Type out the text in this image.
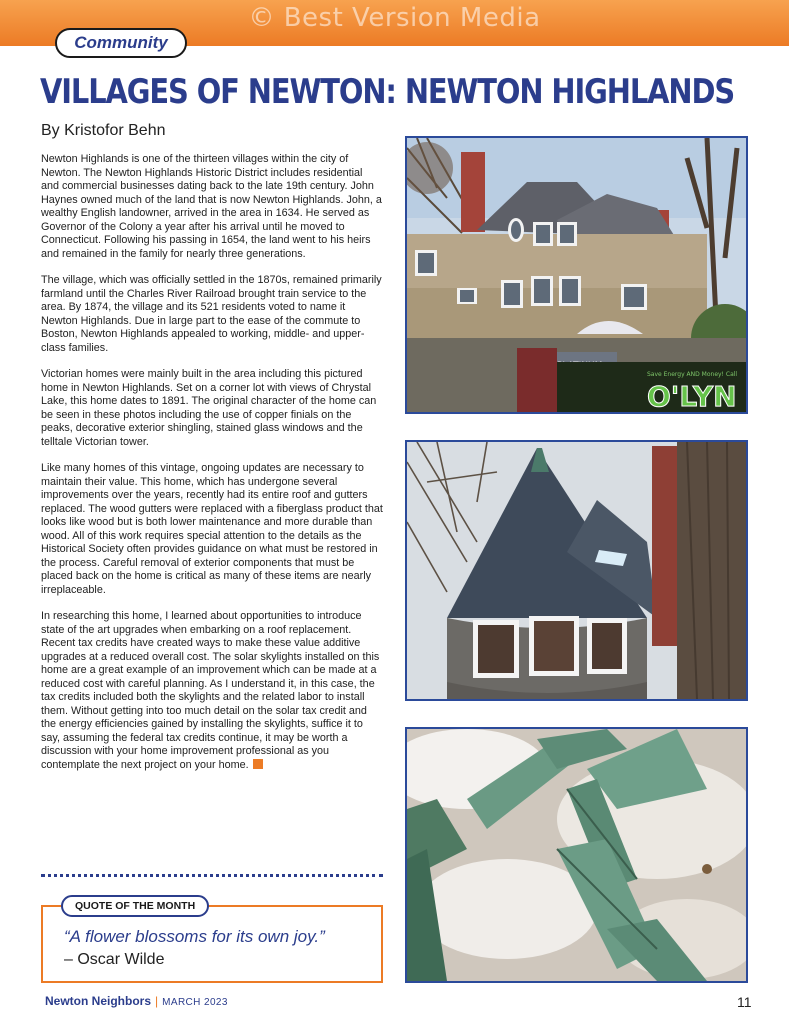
© Best Version Media
Community
VILLAGES OF NEWTON: NEWTON HIGHLANDS
By Kristofor Behn

Newton Highlands is one of the thirteen villages within the city of Newton. The Newton Highlands Historic District includes residential and commercial businesses dating back to the late 19th century. John Haynes owned much of the land that is now Newton Highlands. John, a wealthy English landowner, arrived in the area in 1634. He served as Governor of the Colony a year after his arrival until he moved to Connecticut. Following his passing in 1654, the land went to his heirs and remained in the family for nearly three generations.

The village, which was officially settled in the 1870s, remained primarily farmland until the Charles River Railroad brought train service to the area. By 1874, the village and its 521 residents voted to name it Newton Highlands. Due in large part to the ease of the commute to Boston, Newton Highlands appealed to working, middle- and upper-class families.

Victorian homes were mainly built in the area including this pictured home in Newton Highlands. Set on a corner lot with views of Chrystal Lake, this home dates to 1891. The original character of the home can be seen in these photos including the use of copper finials on the peaks, decorative exterior shingling, stained glass windows and the telltale Victorian tower.

Like many homes of this vintage, ongoing updates are necessary to maintain their value. This home, which has undergone several improvements over the years, recently had its entire roof and gutters replaced. The wood gutters were replaced with a fiberglass product that looks like wood but is both lower maintenance and more durable than wood. All of this work requires special attention to the details as the Historical Society often provides guidance on what must be restored in the process. Careful removal of exterior components that must be placed back on the home is critical as many of these items are nearly irreplaceable.

In researching this home, I learned about opportunities to introduce state of the art upgrades when embarking on a roof replacement. Recent tax credits have created ways to make these value additive upgrades at a reduced overall cost. The solar skylights installed on this home are a great example of an improvement which can be made at a reduced cost with careful planning. As I understand it, in this case, the tax credits included both the skylights and the related labor to install them. Without getting into too much detail on the solar tax credit and the energy efficiencies gained by installing the skylights, suffice it to say, assuming the federal tax credits continue, it may be worth a discussion with your home improvement professional as you contemplate the next project on your home.

QUOTE OF THE MONTH
“A flower blossoms for its own joy.”
– Oscar Wilde
Newton Neighbors | MARCH 2023	11
Save Energy AND Money! Call
O'LYN
